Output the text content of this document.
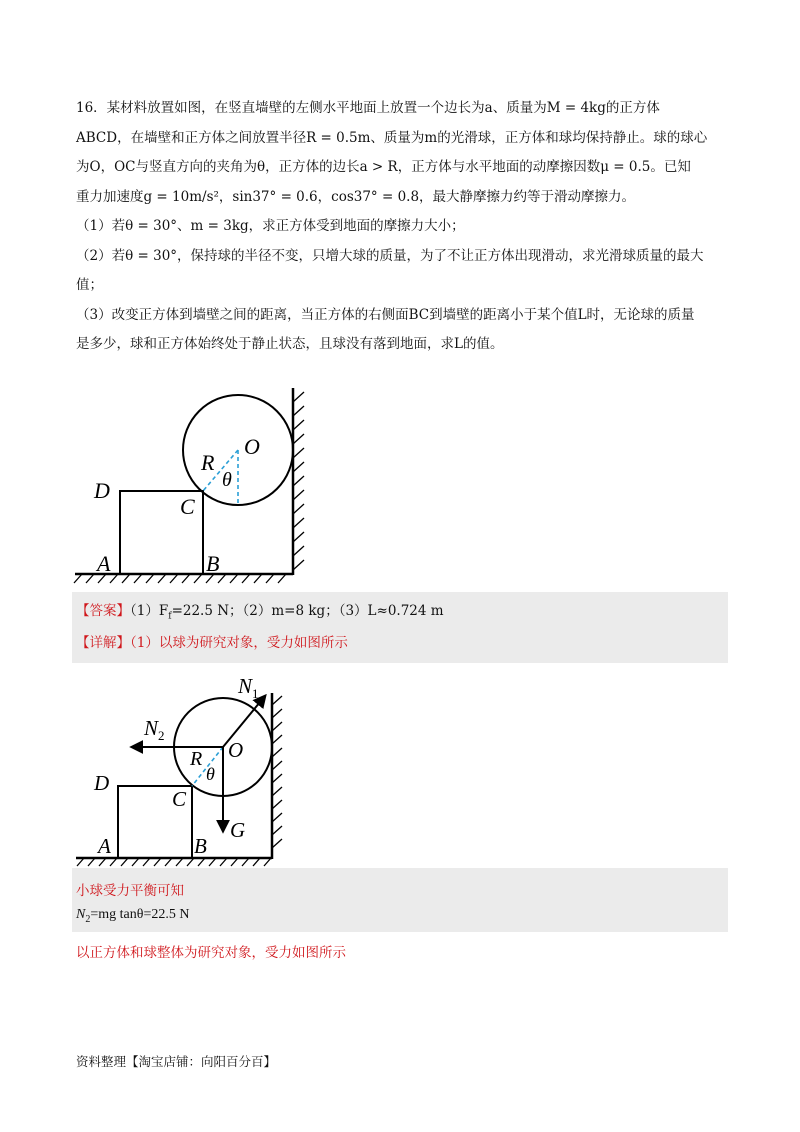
16．某材料放置如图，在竖直墙壁的左侧水平地面上放置一个边长为a、质量为M = 4kg的正方体
ABCD，在墙壁和正方体之间放置半径R = 0.5m、质量为m的光滑球，正方体和球均保持静止。球的球心
为O，OC与竖直方向的夹角为θ，正方体的边长a > R，正方体与水平地面的动摩擦因数μ = 0.5。已知
重力加速度g = 10m/s²，sin37° = 0.6，cos37° = 0.8，最大静摩擦力约等于滑动摩擦力。
（1）若θ = 30°、m = 3kg，求正方体受到地面的摩擦力大小；
（2）若θ = 30°，保持球的半径不变，只增大球的质量，为了不让正方体出现滑动，求光滑球质量的最大
值；
（3）改变正方体到墙壁之间的距离，当正方体的右侧面BC到墙壁的距离小于某个值L时，无论球的质量
是多少，球和正方体始终处于静止状态，且球没有落到地面，求L的值。
O
R
θ
D
C
A	B
【答案】$(1)F_f=22.5$ N；（2）m=8 kg；（3）L≈0.724 m
【详解】（1）以球为研究对象，受力如图所示
$N_1$
$N_2$
O
R
θ
G
D
C
A	B
小球受力平衡可知
$N_2=mg$ tanθ=22.5 N
以正方体和球整体为研究对象，受力如图所示
资料整理【淘宝店铺：向阳百分百】
